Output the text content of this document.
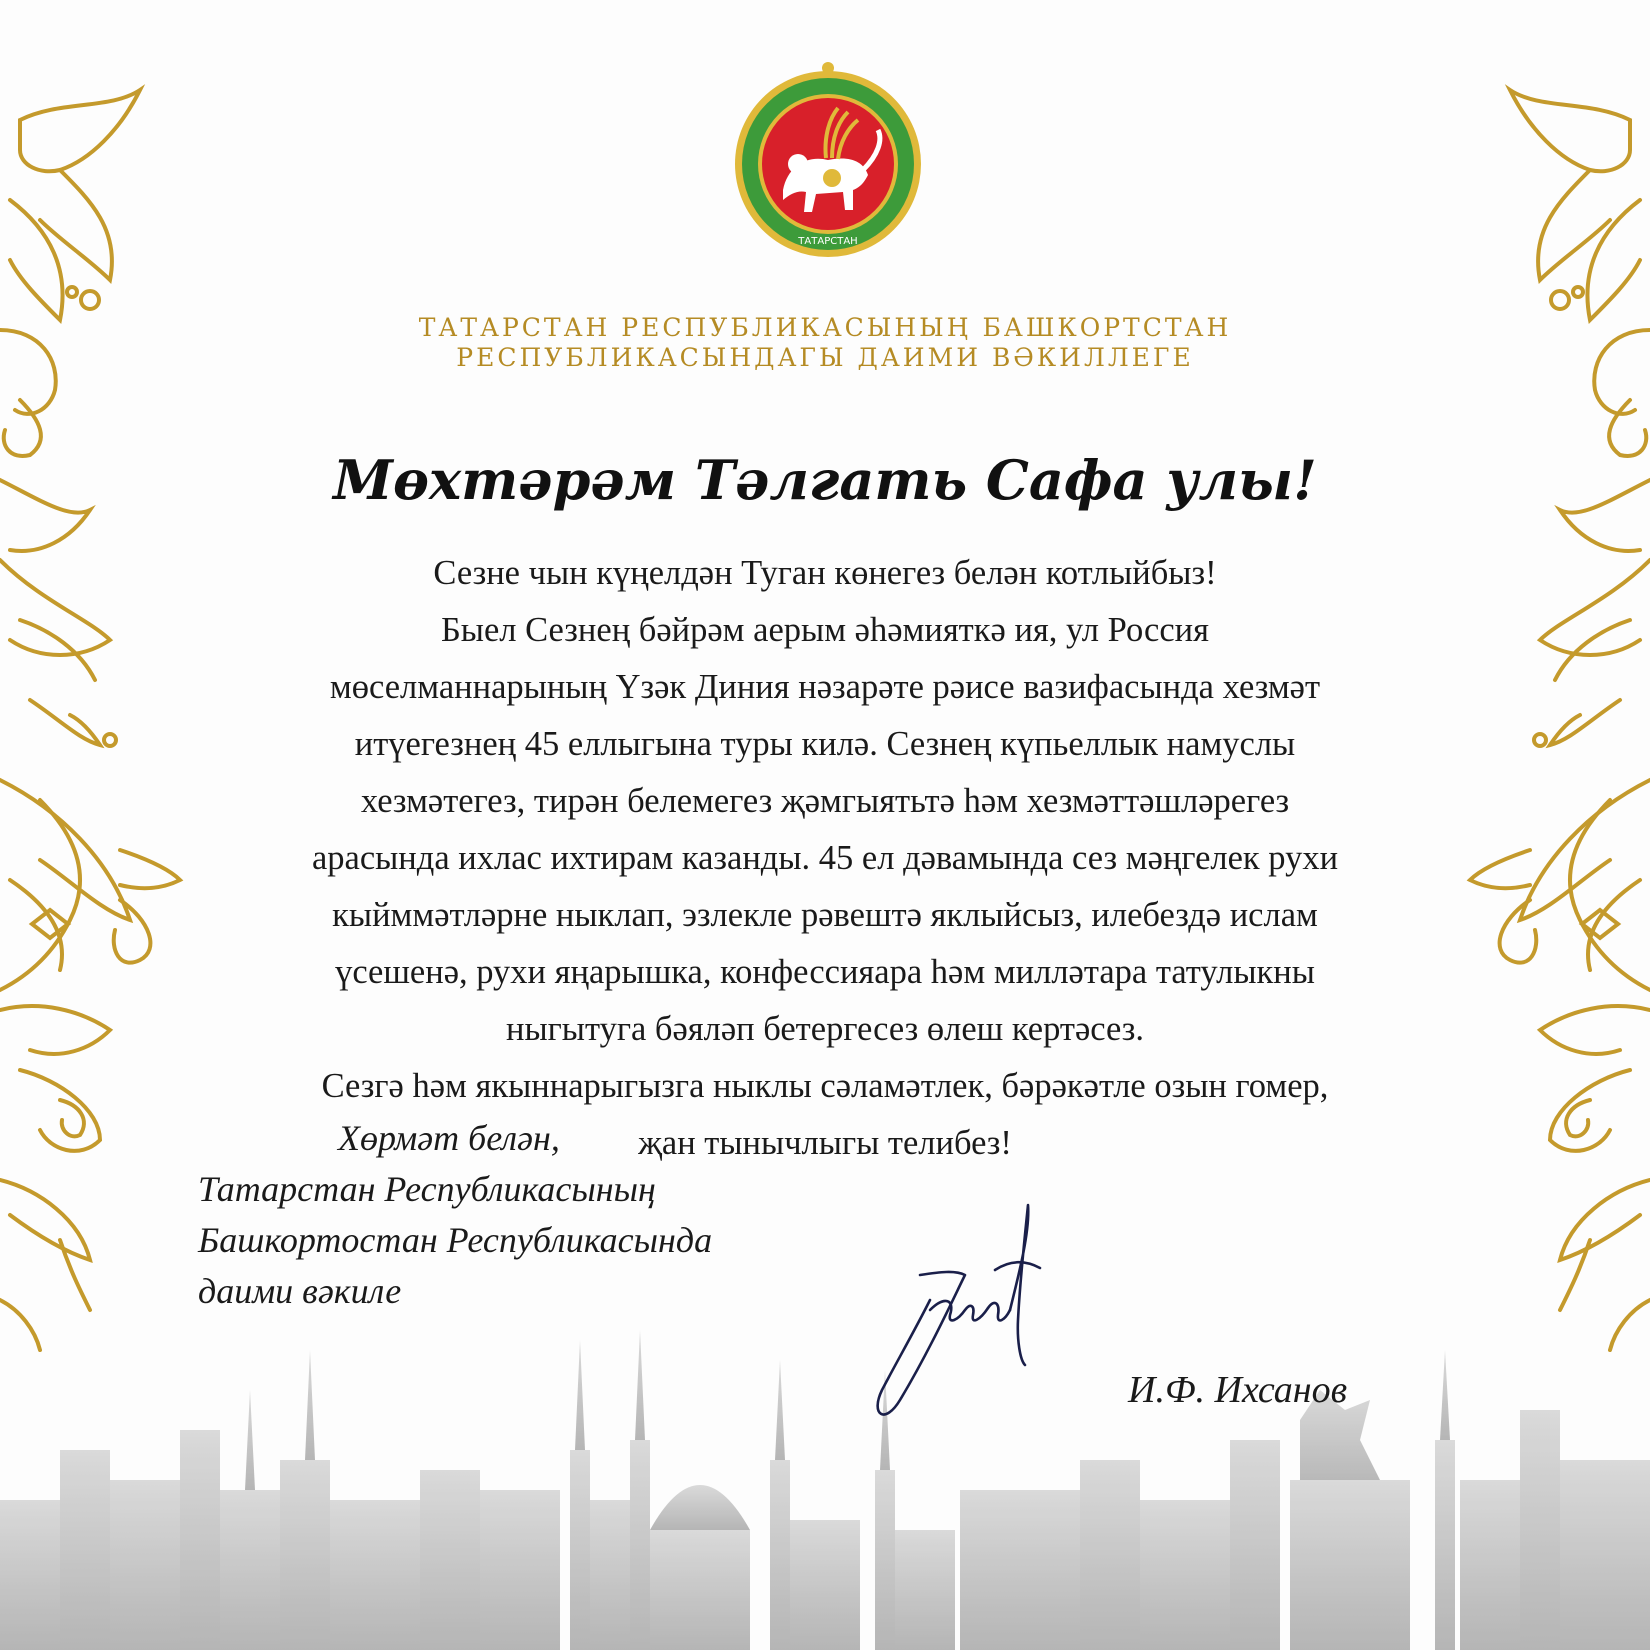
ТАТАРСТАН
ТАТАРСТАН РЕСПУБЛИКАСЫНЫҢ БАШКОРТСТАН
РЕСПУБЛИКАСЫНДАГЫ ДАИМИ ВӘКИЛЛЕГЕ
Мөхтәрәм Тәлгать Сафа улы!
Сезне чын күңелдән Туган көнегез белән котлыйбыз!
Быел Сезнең бәйрәм аерым әһәмияткә ия, ул Россия
мөселманнарының Үзәк Диния нәзарәте рәисе вазифасында хезмәт
итүегезнең 45 еллыгына туры килә. Сезнең күпьеллык намуслы
хезмәтегез, тирән белемегез җәмгыятьтә һәм хезмәттәшләрегез
арасында ихлас ихтирам казанды. 45 ел дәвамында сез мәңгелек рухи
кыйммәтләрне ныклап, эзлекле рәвештә яклыйсыз, илебездә ислам
үсешенә, рухи яңарышка, конфессияара һәм милләтара татулыкны
ныгытуга бәяләп бетергесез өлеш кертәсез.
Сезгә һәм якыннарыгызга ныклы сәламәтлек, бәрәкәтле озын гомер,
җан тынычлыгы телибез!
Хөрмәт белән,
Татарстан Республикасының
Башкортостан Республикасында
даими вәкиле
И.Ф. Ихсанов
